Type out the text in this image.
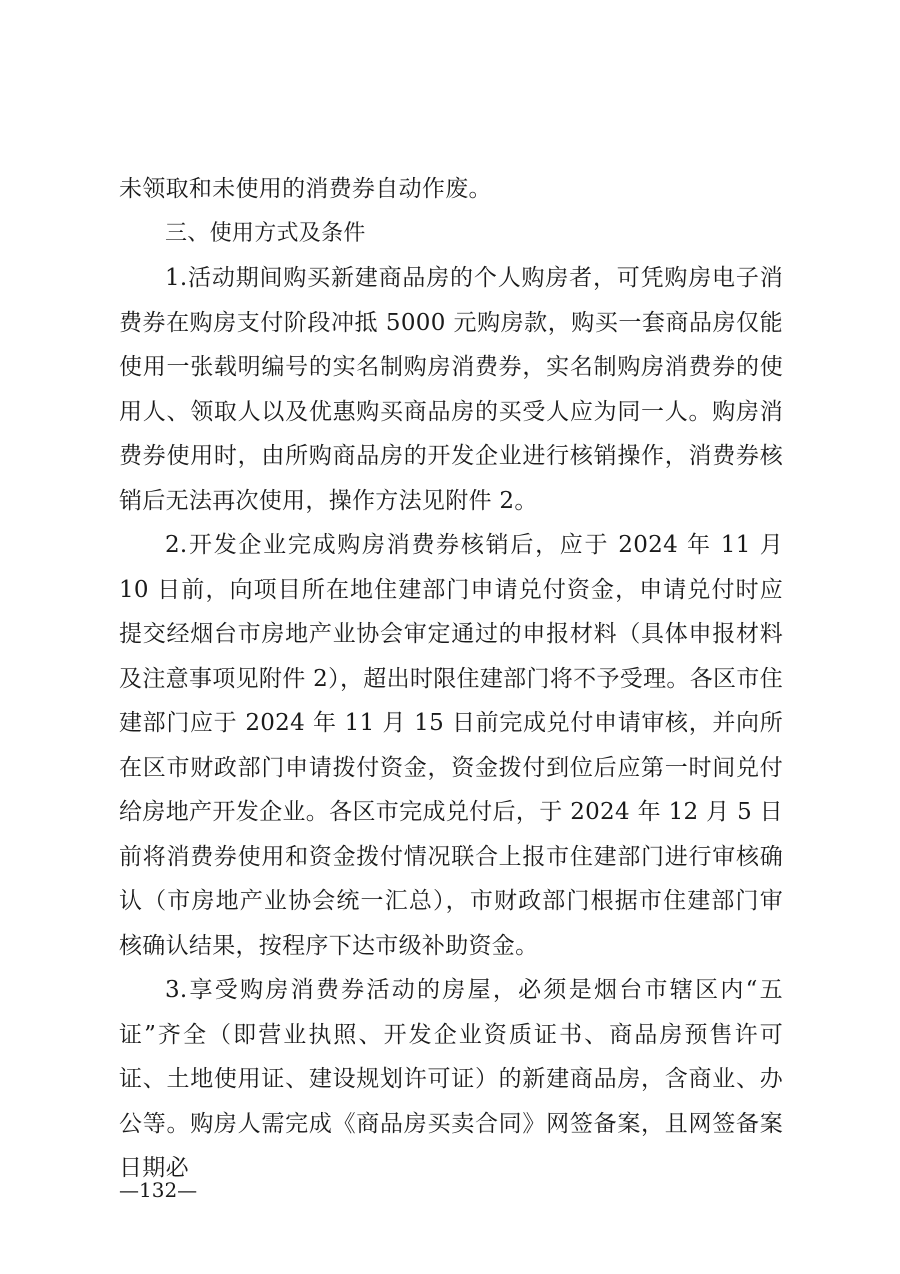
未领取和未使用的消费券自动作废。

三、使用方式及条件

1.活动期间购买新建商品房的个人购房者，可凭购房电子消费券在购房支付阶段冲抵 5000 元购房款，购买一套商品房仅能使用一张载明编号的实名制购房消费券，实名制购房消费券的使用人、领取人以及优惠购买商品房的买受人应为同一人。购房消费券使用时，由所购商品房的开发企业进行核销操作，消费券核销后无法再次使用，操作方法见附件 2。

2.开发企业完成购房消费券核销后，应于 2024 年 11 月 10 日前，向项目所在地住建部门申请兑付资金，申请兑付时应提交经烟台市房地产业协会审定通过的申报材料（具体申报材料及注意事项见附件 2），超出时限住建部门将不予受理。各区市住建部门应于 2024 年 11 月 15 日前完成兑付申请审核，并向所在区市财政部门申请拨付资金，资金拨付到位后应第一时间兑付给房地产开发企业。各区市完成兑付后，于 2024 年 12 月 5 日前将消费券使用和资金拨付情况联合上报市住建部门进行审核确认（市房地产业协会统一汇总），市财政部门根据市住建部门审核确认结果，按程序下达市级补助资金。

3.享受购房消费券活动的房屋，必须是烟台市辖区内“五证”齐全（即营业执照、开发企业资质证书、商品房预售许可证、土地使用证、建设规划许可证）的新建商品房，含商业、办公等。购房人需完成《商品房买卖合同》网签备案，且网签备案日期必

—132—
